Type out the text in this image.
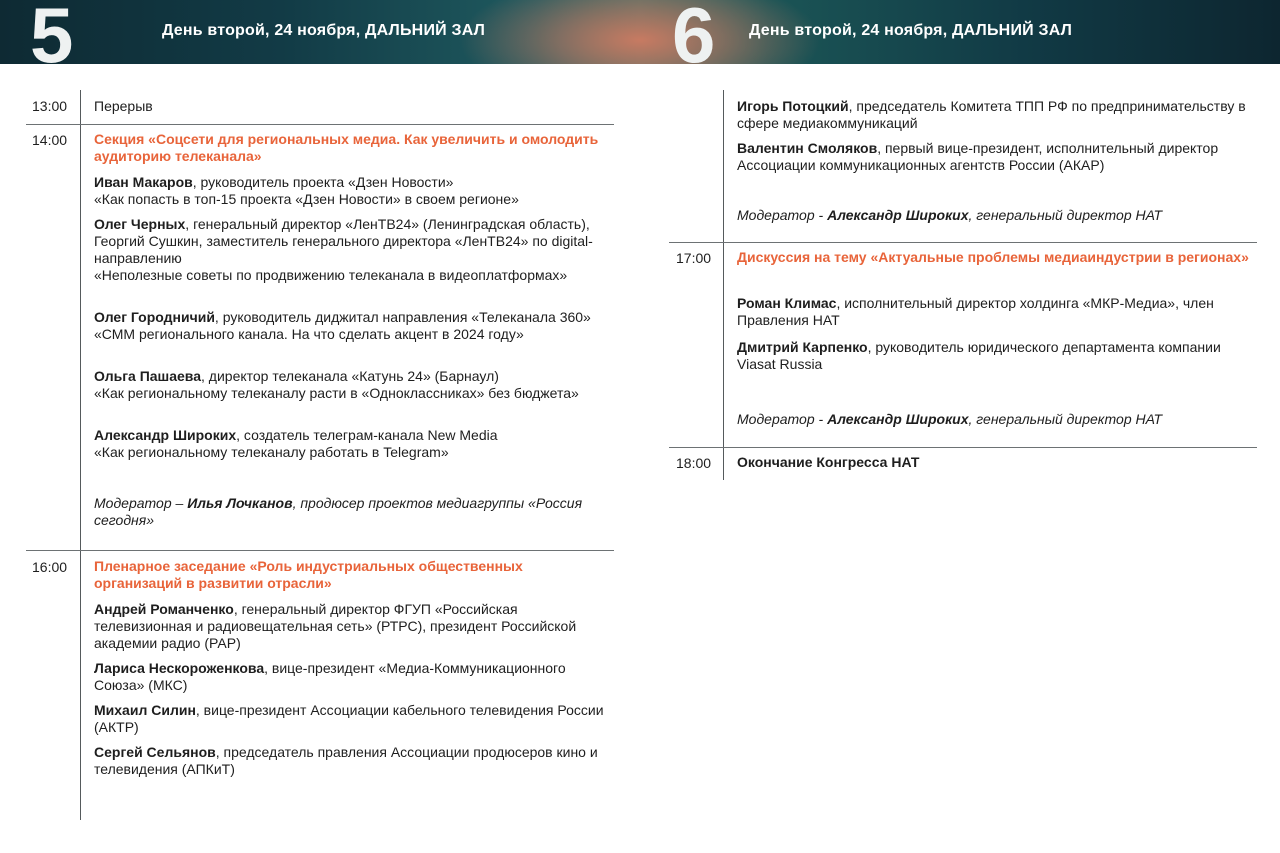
5	День второй, 24 ноября, ДАЛЬНИЙ ЗАЛ 6 День второй, 24 ноября, ДАЛЬНИЙ ЗАЛ
13:00 Перерыв
14:00 Секция «Соцсети для региональных медиа. Как увеличить и омолодить аудиторию телеканала»

Иван Макаров, руководитель проекта «Дзен Новости»

«Как попасть в топ-15 проекта «Дзен Новости» в своем регионе»

Олег Черных, генеральный директор «ЛенТВ24» (Ленинградская область), Георгий Сушкин, заместитель генерального директора «ЛенТВ24» по digital-направлению

«Неполезные советы по продвижению телеканала в видеоплатформах»

Олег Городничий, руководитель диджитал направления «Телеканала 360»

«СММ регионального канала. На что сделать акцент в 2024 году»

Ольга Пашаева, директор телеканала «Катунь 24» (Барнаул)

«Как региональному телеканалу расти в «Одноклассниках» без бюджета»

Александр Широких, создатель телеграм-канала New Media

«Как региональному телеканалу работать в Telegram»

Модератор – Илья Лочканов, продюсер проектов медиагруппы «Россия сегодня»
16:00 Пленарное заседание «Роль индустриальных общественных организаций в развитии отрасли»

Андрей Романченко, генеральный директор ФГУП «Российская телевизионная и радиовещательная сеть» (РТРС), президент Российской академии радио (РАР)

Лариса Нескороженкова, вице-президент «Медиа-Коммуникационного Союза» (МКС)

Михаил Силин, вице-президент Ассоциации кабельного телевидения России (АКТР)

Сергей Сельянов, председатель правления Ассоциации продюсеров кино и телевидения (АПКиТ)

Игорь Потоцкий, председатель Комитета ТПП РФ по предпринимательству в сфере медиакоммуникаций

Валентин Смоляков, первый вице-президент, исполнительный директор Ассоциации коммуникационных агентств России (АКАР)

Модератор - Александр Широких, генеральный директор НАТ
17:00 Дискуссия на тему «Актуальные проблемы медиаиндустрии в регионах»

Роман Климас, исполнительный директор холдинга «МКР-Медиа», член Правления НАТ

Дмитрий Карпенко, руководитель юридического департамента компании Viasat Russia

Модератор - Александр Широких, генеральный директор НАТ
18:00 Окончание Конгресса НАТ
